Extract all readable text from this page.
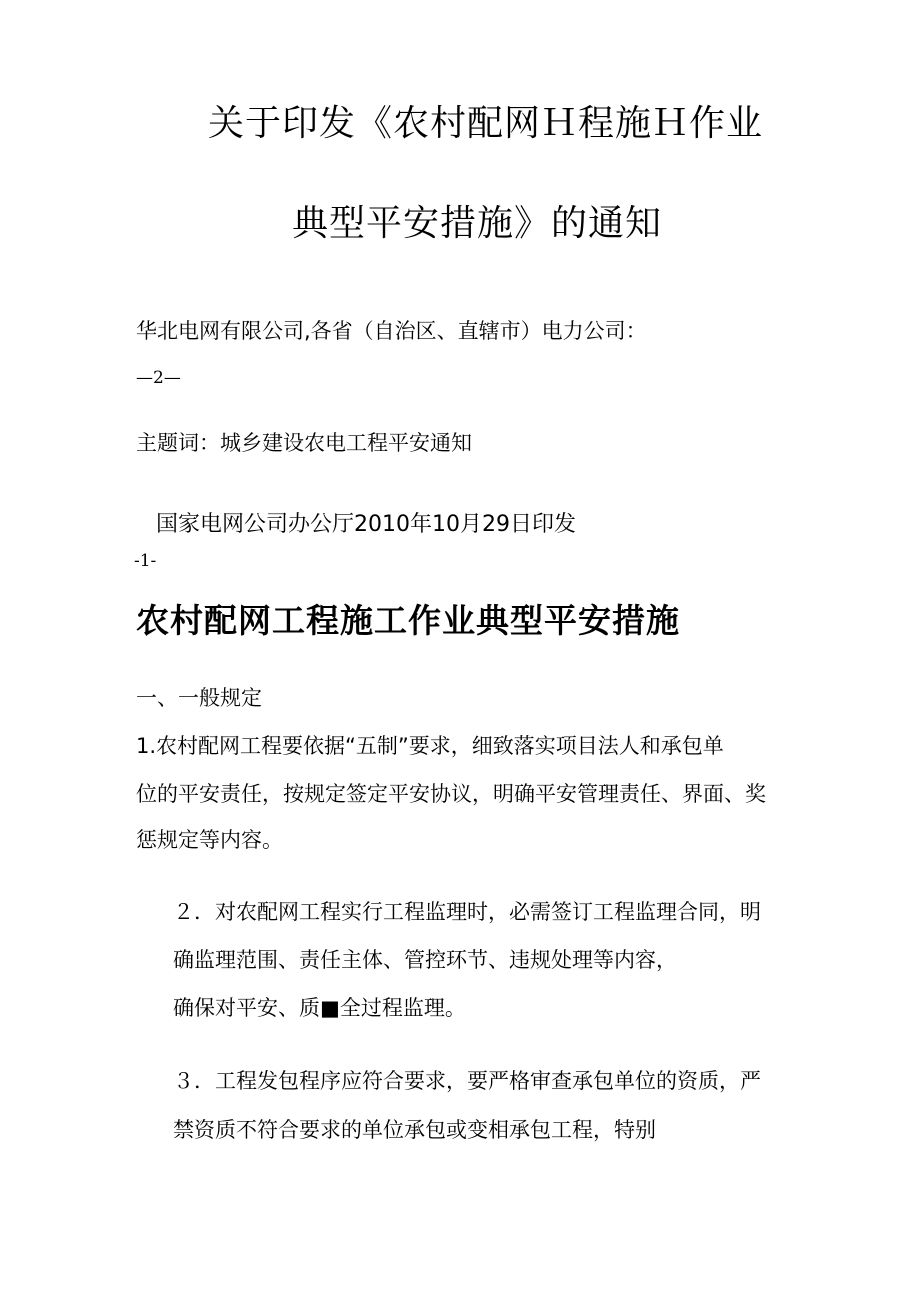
关于印发《农村配网Ｈ程施Ｈ作业

典型平安措施》的通知

华北电网有限公司,各省（自治区、直辖市）电力公司：

—2—

主题词：城乡建设农电工程平安通知

国家电网公司办公厅2010年10月29日印发

-1-

农村配网工程施工作业典型平安措施
一、一般规定

1.农村配网工程要依据“五制”要求，细致落实项目法人和承包单

位的平安责任，按规定签定平安协议，明确平安管理责任、界面、奖

惩规定等内容。

２．对农配网工程实行工程监理时，必需签订工程监理合同，明

确监理范围、责任主体、管控环节、违规处理等内容，

确保对平安、质■全过程监理。

３．工程发包程序应符合要求，要严格审查承包单位的资质，严

禁资质不符合要求的单位承包或变相承包工程，特别
